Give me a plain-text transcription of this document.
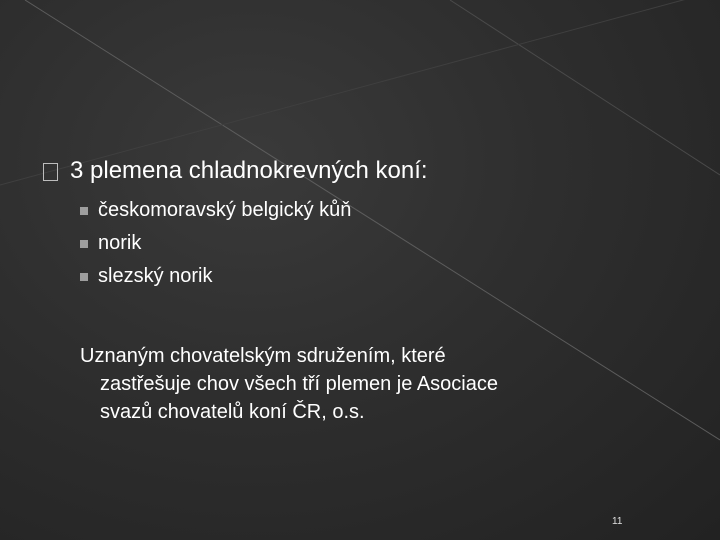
3 plemena chladnokrevných koní:
českomoravský belgický kůň
norik
slezský norik
Uznaným chovatelským sdružením, které
zastřešuje chov všech tří plemen je Asociace
svazů chovatelů koní ČR, o.s.
11
